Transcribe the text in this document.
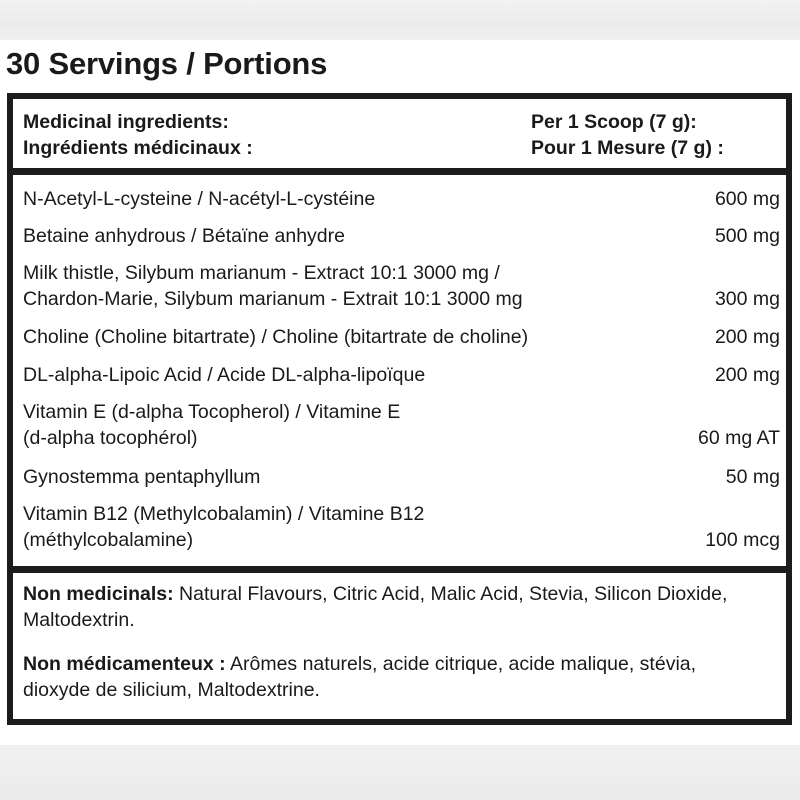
30 Servings / Portions
Medicinal ingredients:
Ingrédients médicinaux :
Per 1 Scoop (7 g):
Pour 1 Mesure (7 g) :
N-Acetyl-L-cysteine / N-acétyl-L-cystéine	600 mg
Betaine anhydrous / Bétaïne anhydre	500 mg
Milk thistle, Silybum marianum - Extract 10:1 3000 mg /
Chardon-Marie, Silybum marianum - Extrait 10:1 3000 mg	300 mg
Choline (Choline bitartrate) / Choline (bitartrate de choline)	200 mg
DL-alpha-Lipoic Acid / Acide DL-alpha-lipoïque	200 mg
Vitamin E (d-alpha Tocopherol) / Vitamine E
(d-alpha tocophérol)	60 mg AT
Gynostemma pentaphyllum	50 mg
Vitamin B12 (Methylcobalamin) / Vitamine B12
(méthylcobalamine)	100 mcg
Non medicinals: Natural Flavours, Citric Acid, Malic Acid, Stevia, Silicon Dioxide, Maltodextrin.
Non médicamenteux : Arômes naturels, acide citrique, acide malique, stévia, dioxyde de silicium, Maltodextrine.
